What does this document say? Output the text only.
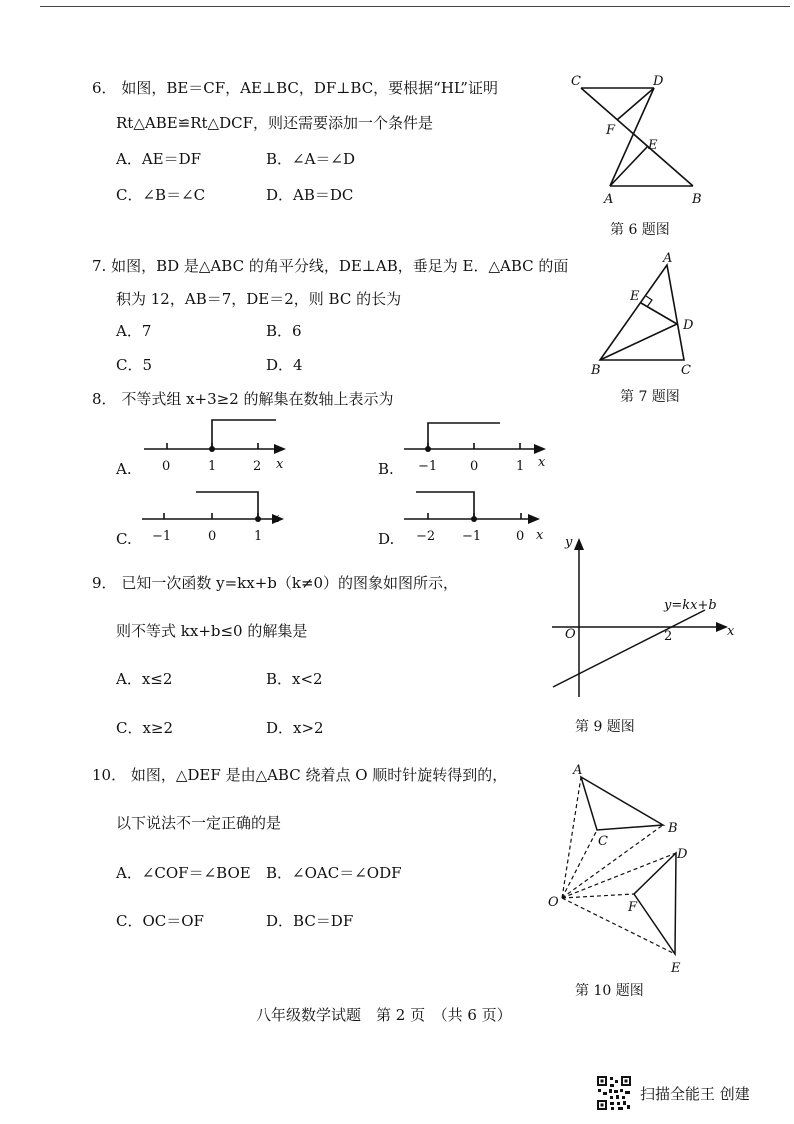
6． 如图，BE＝CF，AE⊥BC，DF⊥BC，要根据“HL”证明
Rt△ABE≌Rt△DCF，则还需要添加一个条件是
A．AE＝DF	B．∠A＝∠D
C．∠B＝∠C	D．AB＝DC
C	D
F
E
A	B
第 6 题图
7. 如图，BD 是△ABC 的角平分线，DE⊥AB，垂足为 E．△ABC 的面
积为 12，AB＝7，DE＝2，则 BC 的长为
A．7	B．6
C．5	D．4
A
E
D
B	C
第 7 题图
8． 不等式组 x+3≥2 的解集在数轴上表示为
A. 0	1	2 x	B. −1	0	1 x
C. −1	0	1
x
D. −2 −1	0 x
9． 已知一次函数 y=kx+b（k≠0）的图象如图所示，
则不等式 kx+b≤0 的解集是
A．x≤2	B．x<2
C．x≥2	D．x>2
y
x
O	2
y=kx+b
第 9 题图
10． 如图，△DEF 是由△ABC 绕着点 O 顺时针旋转得到的，
以下说法不一定正确的是
A．∠COF＝∠BOE B．∠OAC＝∠ODF
C．OC＝OF	D．BC＝DF
A
B
C
D
F
E
O
第 10 题图
八年级数学试题　第 2 页　（共 6 页）
扫描全能王 创建
